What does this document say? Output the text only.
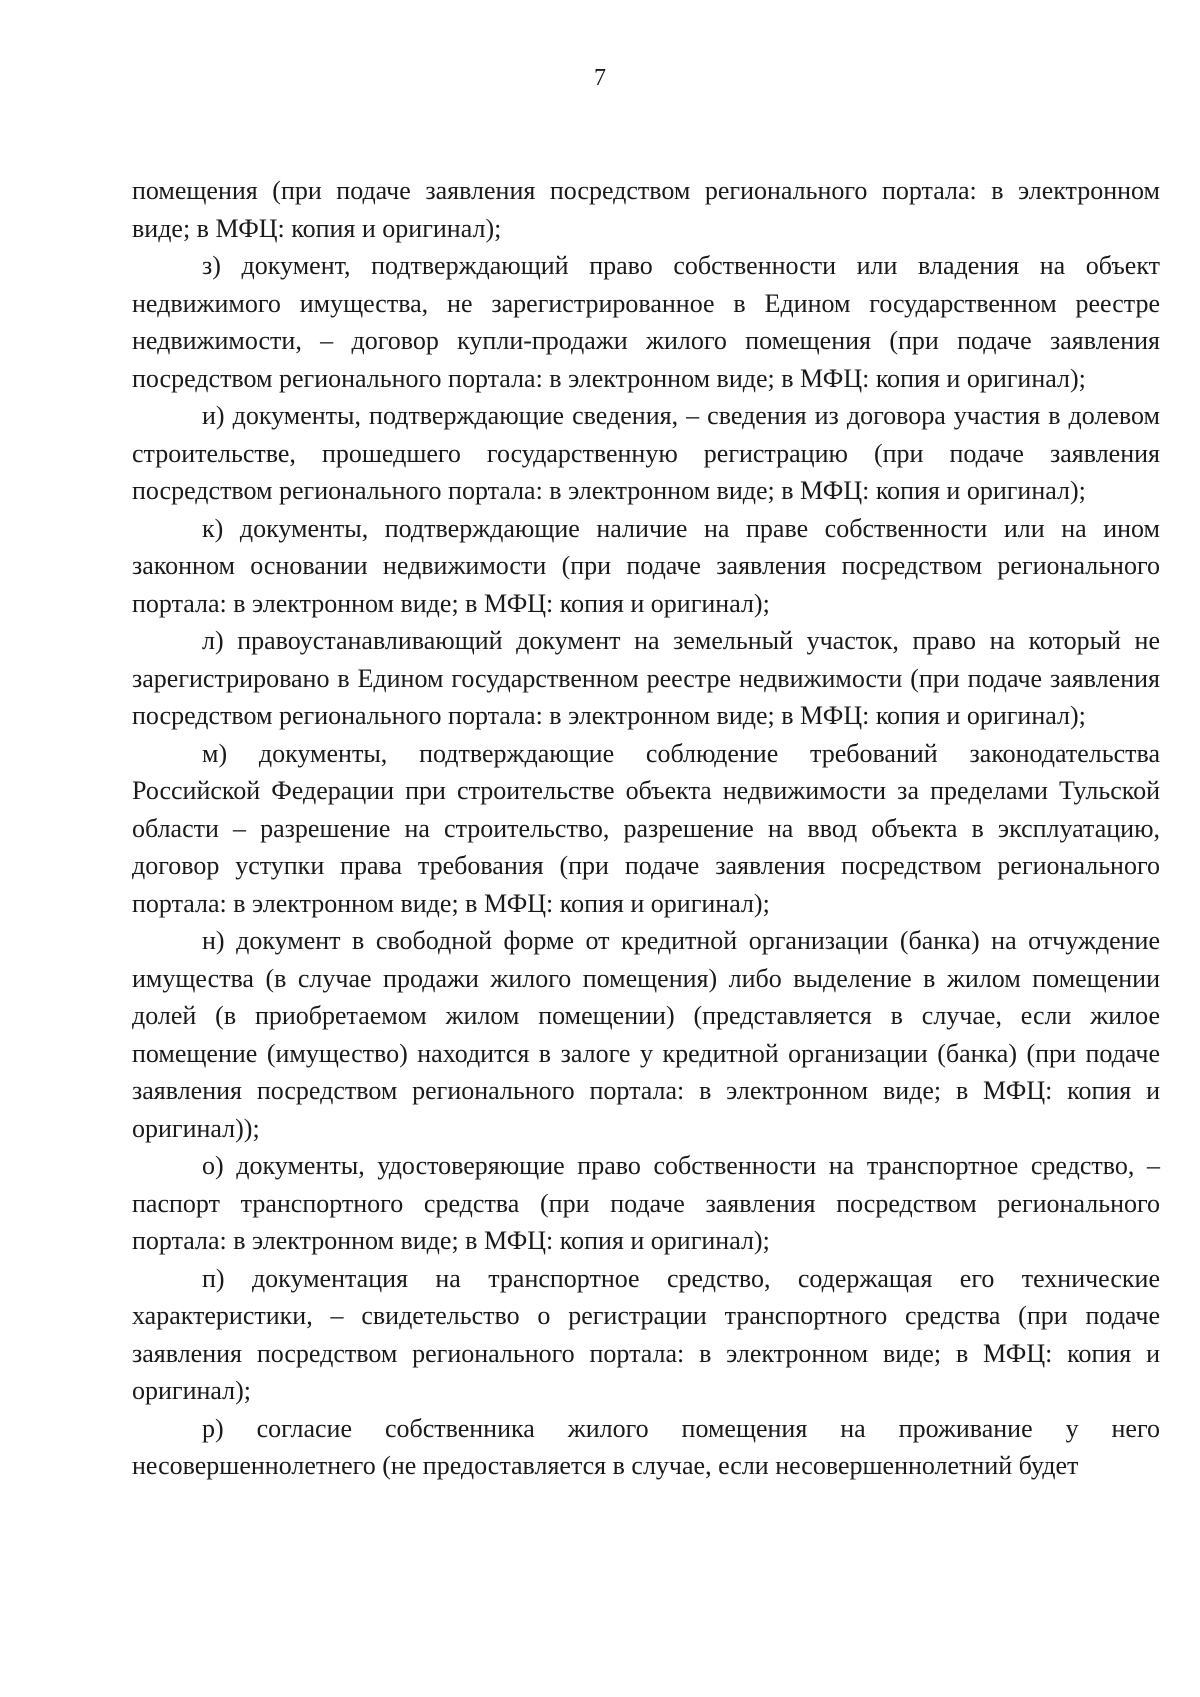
7

помещения (при подаче заявления посредством регионального портала: в электронном виде; в МФЦ: копия и оригинал);

з) документ, подтверждающий право собственности или владения на объект недвижимого имущества, не зарегистрированное в Едином государственном реестре недвижимости, – договор купли-продажи жилого помещения (при подаче заявления посредством регионального портала: в электронном виде; в МФЦ: копия и оригинал);

и) документы, подтверждающие сведения, – сведения из договора участия в долевом строительстве, прошедшего государственную регистрацию (при подаче заявления посредством регионального портала: в электронном виде; в МФЦ: копия и оригинал);

к) документы, подтверждающие наличие на праве собственности или на ином законном основании недвижимости (при подаче заявления посредством регионального портала: в электронном виде; в МФЦ: копия и оригинал);

л) правоустанавливающий документ на земельный участок, право на который не зарегистрировано в Едином государственном реестре недвижимости (при подаче заявления посредством регионального портала: в электронном виде; в МФЦ: копия и оригинал);

м) документы, подтверждающие соблюдение требований законодательства Российской Федерации при строительстве объекта недвижимости за пределами Тульской области – разрешение на строительство, разрешение на ввод объекта в эксплуатацию, договор уступки права требования (при подаче заявления посредством регионального портала: в электронном виде; в МФЦ: копия и оригинал);

н) документ в свободной форме от кредитной организации (банка) на отчуждение имущества (в случае продажи жилого помещения) либо выделение в жилом помещении долей (в приобретаемом жилом помещении) (представляется в случае, если жилое помещение (имущество) находится в залоге у кредитной организации (банка) (при подаче заявления посредством регионального портала: в электронном виде; в МФЦ: копия и оригинал));

о) документы, удостоверяющие право собственности на транспортное средство, – паспорт транспортного средства (при подаче заявления посредством регионального портала: в электронном виде; в МФЦ: копия и оригинал);

п) документация на транспортное средство, содержащая его технические характеристики, – свидетельство о регистрации транспортного средства (при подаче заявления посредством регионального портала: в электронном виде; в МФЦ: копия и оригинал);

р) согласие собственника жилого помещения на проживание у него несовершеннолетнего (не предоставляется в случае, если несовершеннолетний будет
